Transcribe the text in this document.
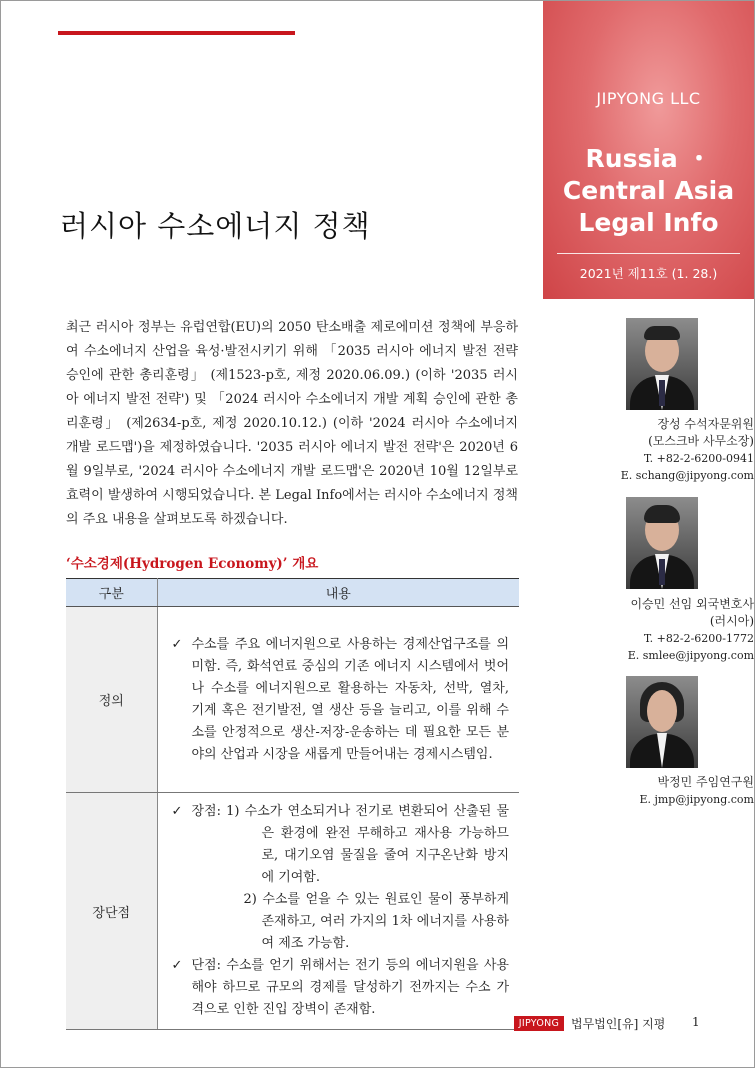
JIPYONG LLC
Russia ・
Central Asia
Legal Info
2021년 제11호 (1. 28.)
러시아 수소에너지 정책

최근 러시아 정부는 유럽연합(EU)의 2050 탄소배출 제로에미션 정책에 부응하여 수소에너지 산업을 육성·발전시키기 위해 「2035 러시아 에너지 발전 전략 승인에 관한 총리훈령」 (제1523-p호, 제정 2020.06.09.) (이하 '2035 러시아 에너지 발전 전략') 및 「2024 러시아 수소에너지 개발 계획 승인에 관한 총리훈령」 (제2634-p호, 제정 2020.10.12.) (이하 '2024 러시아 수소에너지 개발 로드맵')을 제정하였습니다. '2035 러시아 에너지 발전 전략'은 2020년 6월 9일부로, '2024 러시아 수소에너지 개발 로드맵'은 2020년 10월 12일부로 효력이 발생하여 시행되었습니다. 본 Legal Info에서는 러시아 수소에너지 정책의 주요 내용을 살펴보도록 하겠습니다.

‘수소경제(Hydrogen Economy)’ 개요
구분	내용
정의	✓ 수소를 주요 에너지원으로 사용하는 경제산업구조를 의미함. 즉, 화석연료 중심의 기존 에너지 시스템에서 벗어나 수소를 에너지원으로 활용하는 자동차, 선박, 열차, 기계 혹은 전기발전, 열 생산 등을 늘리고, 이를 위해 수소를 안정적으로 생산-저장-운송하는 데 필요한 모든 분야의 산업과 시장을 새롭게 만들어내는 경제시스템임.

장단점	✓ 장점: 1) 수소가 연소되거나 전기로 변환되어 산출된 물은 환경에 완전 무해하고 재사용 가능하므로, 대기오염 물질을 줄여 지구온난화 방지에 기여함.
2) 수소를 얻을 수 있는 원료인 물이 풍부하게 존재하고, 여러 가지의 1차 에너지를 사용하여 제조 가능함.
✓ 단점: 수소를 얻기 위해서는 전기 등의 에너지원을 사용해야 하므로 규모의 경제를 달성하기 전까지는 수소 가격으로 인한 진입 장벽이 존재함.
장성 수석자문위원
(모스크바 사무소장)
T. +82-2-6200-0941
E. schang@jipyong.com
이승민 선임 외국변호사
(러시아)
T. +82-2-6200-1772
E. smlee@jipyong.com
박정민 주임연구원
E. jmp@jipyong.com
JIPYONG 법무법인[유] 지평 1
